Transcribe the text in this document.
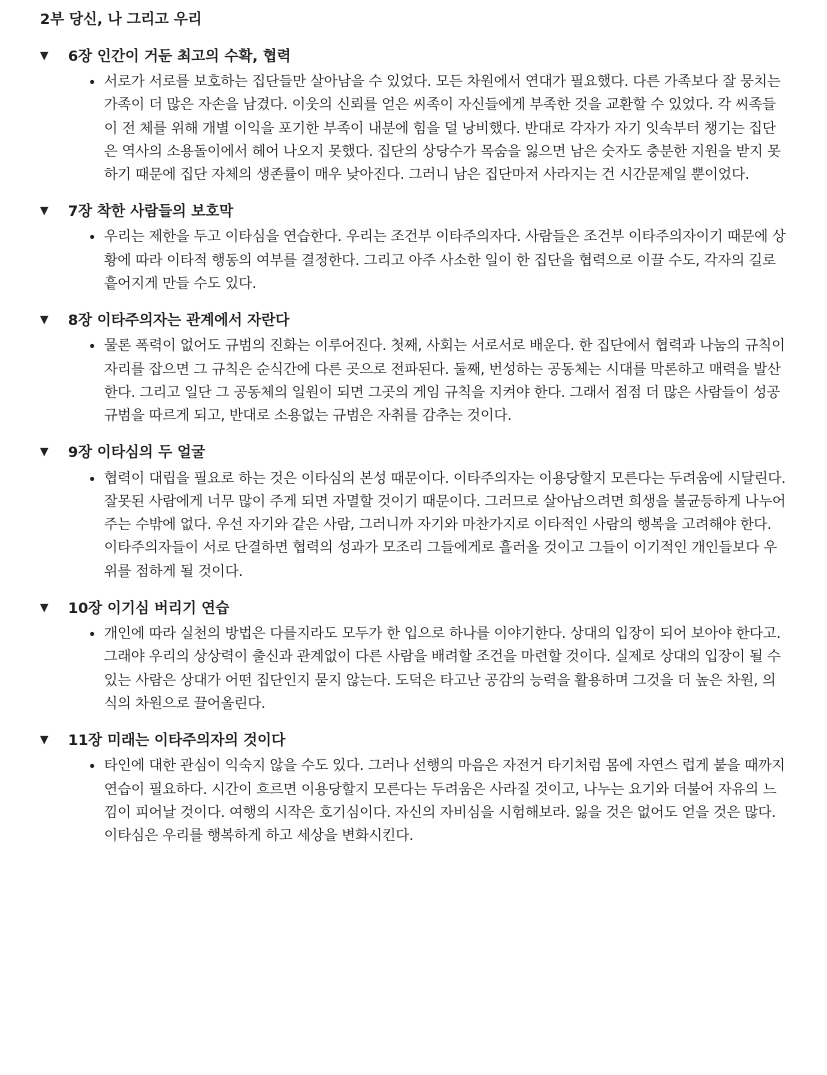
2부 당신, 나 그리고 우리
▼	6장 인간이 거둔 최고의 수확, 협력
• 서로가 서로를 보호하는 집단들만 살아남을 수 있었다. 모든 차원에서 연대가 필요했다. 다른 가족보다 잘 뭉치는 가족이 더 많은 자손을 남겼다. 이웃의 신뢰를 얻은 씨족이 자신들에게 부족한 것을 교환할 수 있었다. 각 씨족들이 전 체를 위해 개별 이익을 포기한 부족이 내분에 힘을 덜 낭비했다. 반대로 각자가 자기 잇속부터 챙기는 집단은 역사의 소용돌이에서 헤어 나오지 못했다. 집단의 상당수가 목숨을 잃으면 남은 숫자도 충분한 지원을 받지 못하기 때문에 집단 자체의 생존률이 매우 낮아진다. 그러니 남은 집단마저 사라지는 건 시간문제일 뿐이었다.
▼	7장 착한 사람들의 보호막
• 우리는 제한을 두고 이타심을 연습한다. 우리는 조건부 이타주의자다. 사람들은 조건부 이타주의자이기 때문에 상황에 따라 이타적 행동의 여부를 결정한다. 그리고 아주 사소한 일이 한 집단을 협력으로 이끌 수도, 각자의 길로 흩어지게 만들 수도 있다.
▼	8장 이타주의자는 관계에서 자란다
• 물론 폭력이 없어도 규범의 진화는 이루어진다. 첫째, 사회는 서로서로 배운다. 한 집단에서 협력과 나눔의 규칙이 자리를 잡으면 그 규칙은 순식간에 다른 곳으로 전파된다. 둘째, 번성하는 공동체는 시대를 막론하고 매력을 발산한다. 그리고 일단 그 공동체의 일원이 되면 그곳의 게임 규칙을 지켜야 한다. 그래서 점점 더 많은 사람들이 성공 규범을 따르게 되고, 반대로 소용없는 규범은 자취를 감추는 것이다.
▼	9장 이타심의 두 얼굴
• 협력이 대립을 필요로 하는 것은 이타심의 본성 때문이다. 이타주의자는 이용당할지 모른다는 두려움에 시달린다. 잘못된 사람에게 너무 많이 주게 되면 자멸할 것이기 때문이다. 그러므로 살아남으려면 희생을 불균등하게 나누어주는 수밖에 없다. 우선 자기와 같은 사람, 그러니까 자기와 마찬가지로 이타적인 사람의 행복을 고려해야 한다. 이타주의자들이 서로 단결하면 협력의 성과가 모조리 그들에게로 흘러올 것이고 그들이 이기적인 개인들보다 우위를 점하게 될 것이다.
▼	10장 이기심 버리기 연습
• 개인에 따라 실천의 방법은 다를지라도 모두가 한 입으로 하나를 이야기한다. 상대의 입장이 되어 보아야 한다고. 그래야 우리의 상상력이 출신과 관계없이 다른 사람을 배려할 조건을 마련할 것이다. 실제로 상대의 입장이 될 수 있는 사람은 상대가 어떤 집단인지 묻지 않는다. 도덕은 타고난 공감의 능력을 활용하며 그것을 더 높은 차원, 의식의 차원으로 끌어올린다.
▼	11장 미래는 이타주의자의 것이다
• 타인에 대한 관심이 익숙지 않을 수도 있다. 그러나 선행의 마음은 자전거 타기처럼 몸에 자연스 럽게 붙을 때까지 연습이 필요하다. 시간이 흐르면 이용당할지 모른다는 두려움은 사라질 것이고, 나누는 요기와 더불어 자유의 느낌이 피어날 것이다. 여행의 시작은 호기심이다. 자신의 자비심을 시험해보라. 잃을 것은 없어도 얻을 것은 많다. 이타심은 우리를 행복하게 하고 세상을 변화시킨다.
